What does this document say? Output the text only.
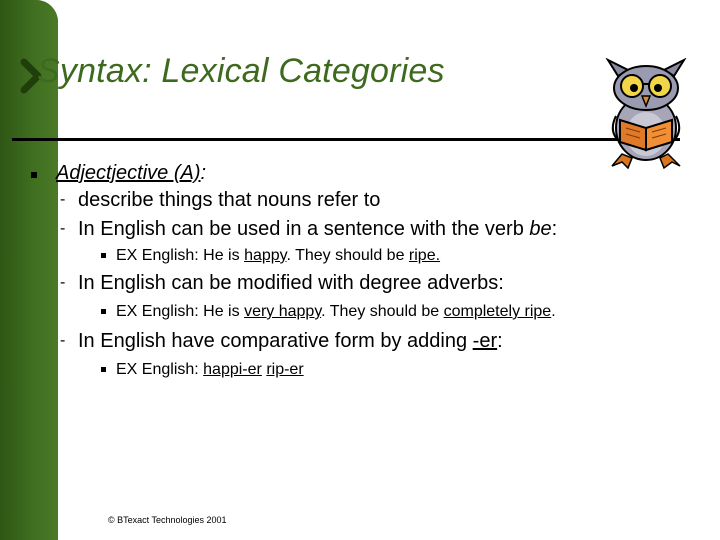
Syntax: Lexical Categories
Adjectjective (A):
- describe things that nouns refer to
- In English can be used in a sentence with the verb be:
EX English: He is happy. They should be ripe.
- In English can be modified with degree adverbs:
EX English: He is very happy. They should be completely ripe.
- In English have comparative form by adding -er:
EX English: happi-er rip-er
© BTexact Technologies 2001
